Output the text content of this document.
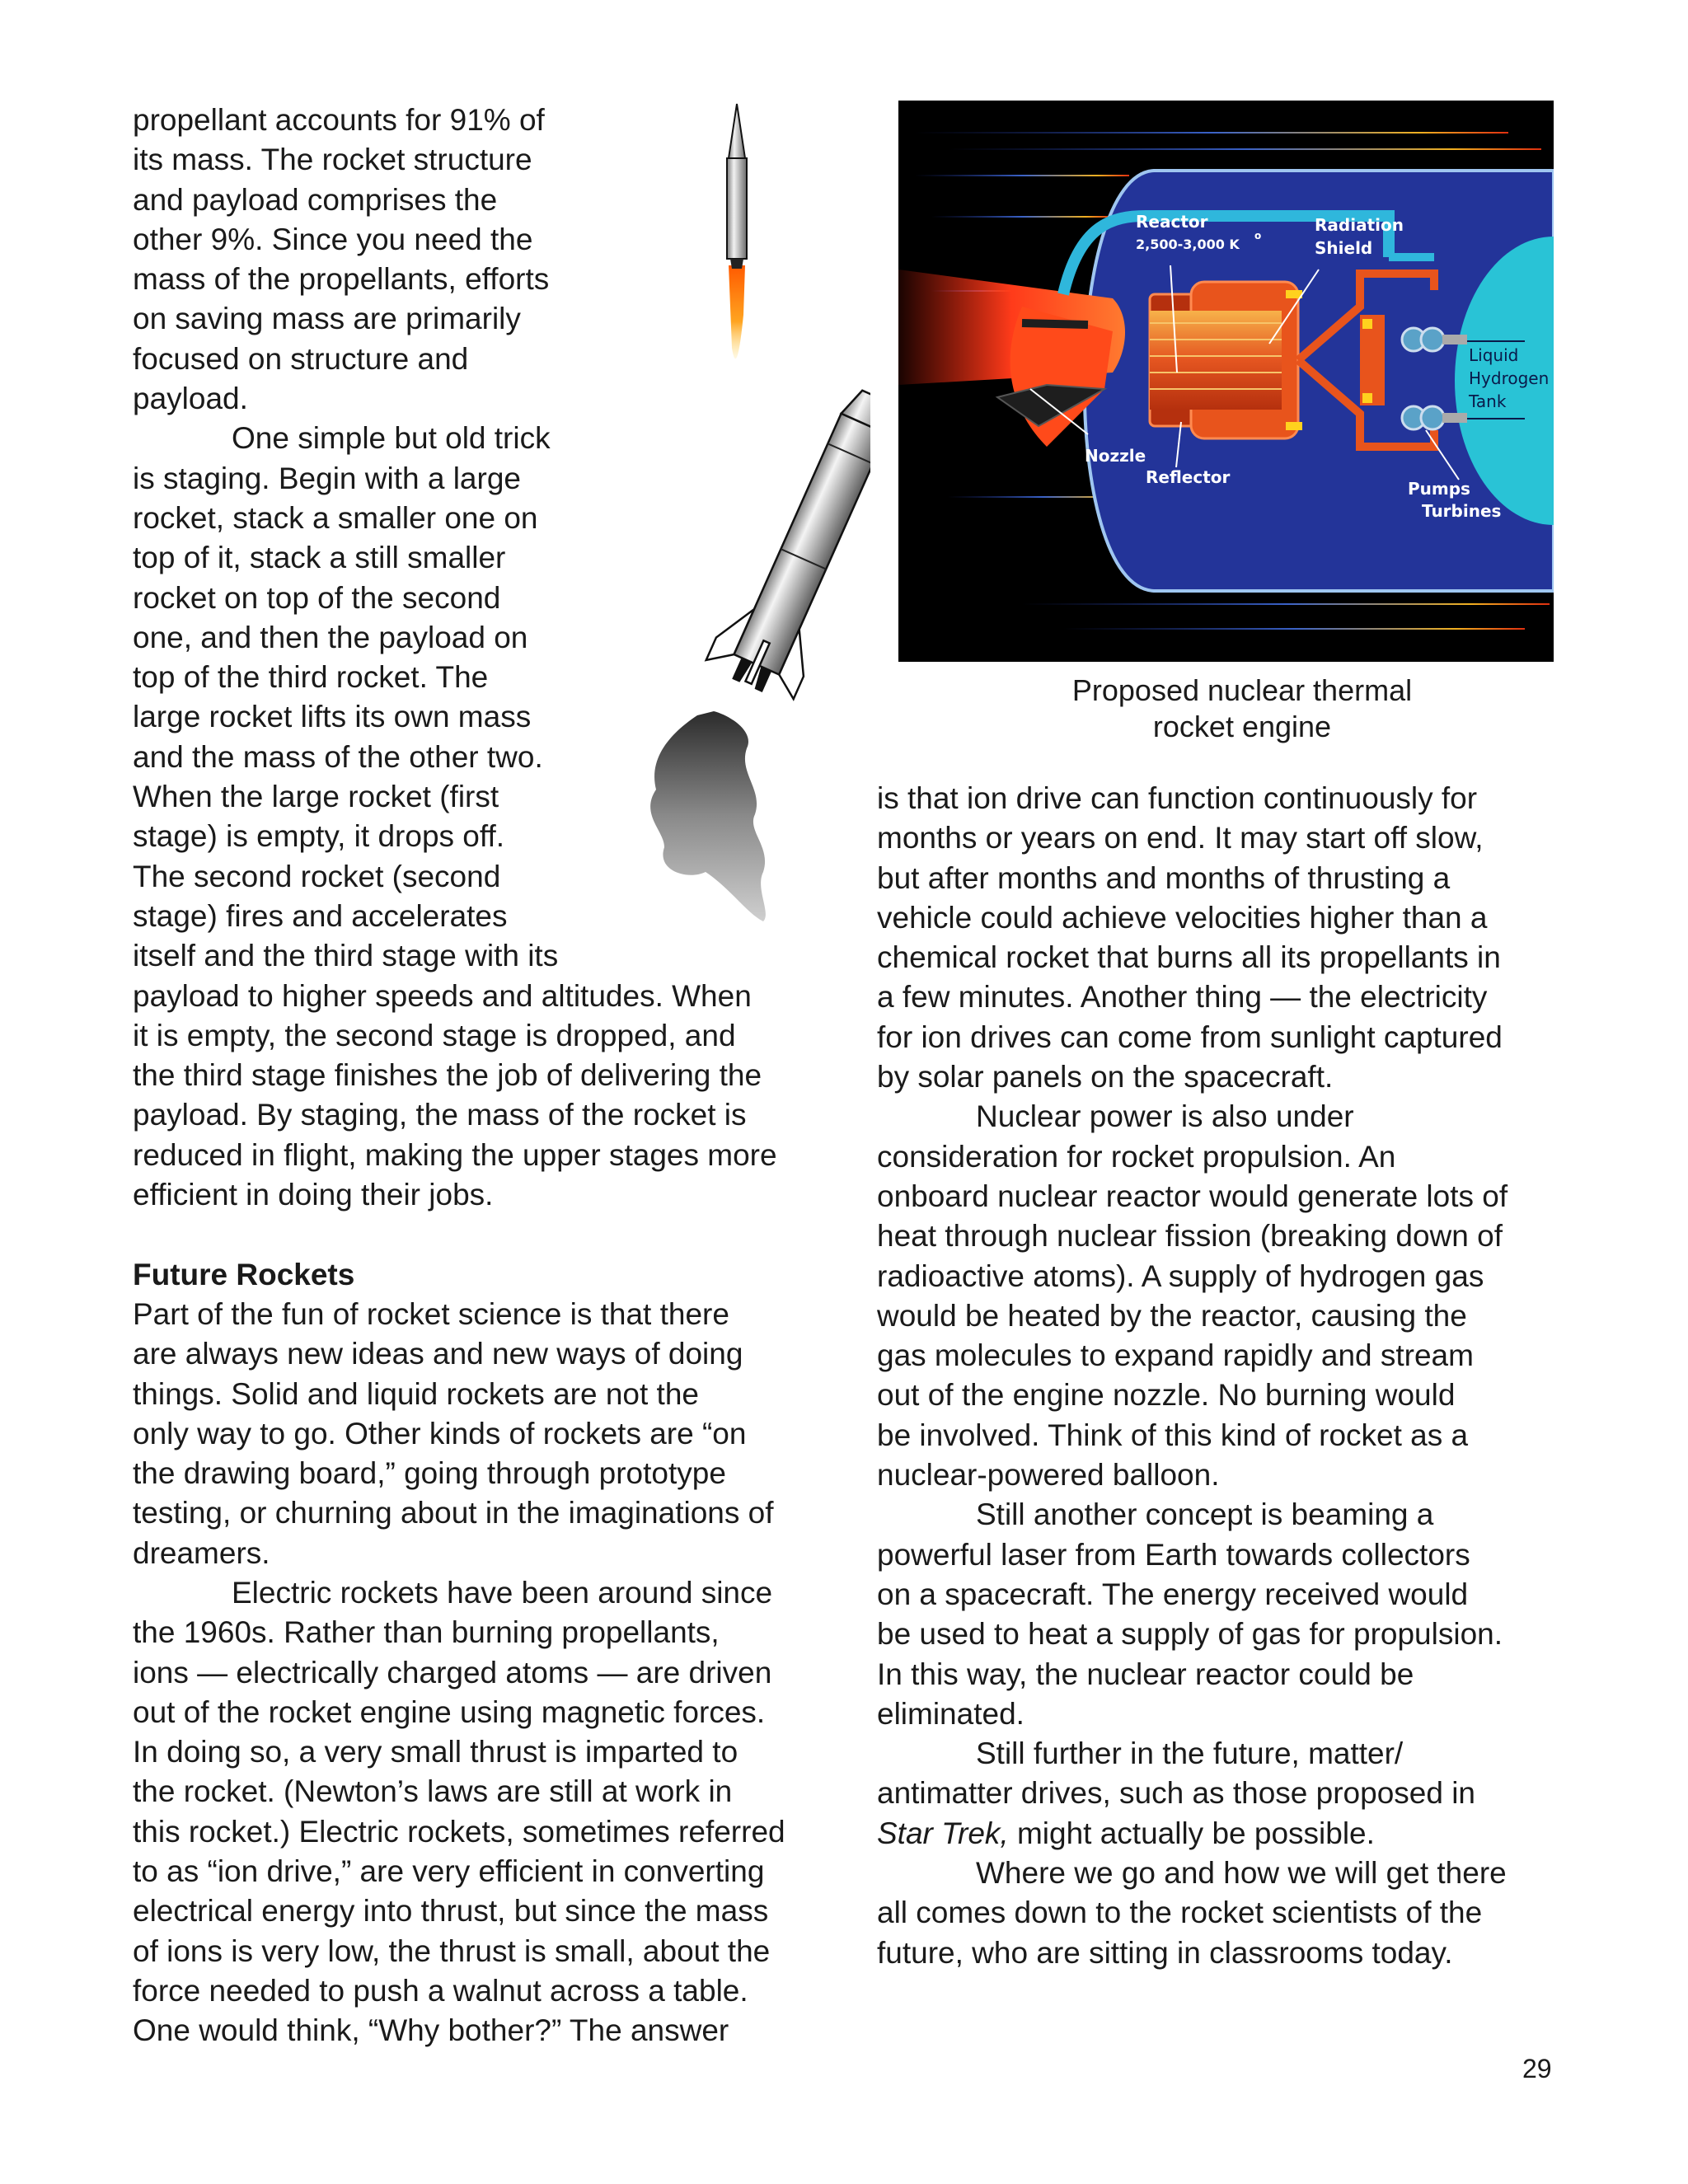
propellant accounts for 91% of
its mass. The rocket structure
and payload comprises the
other 9%. Since you need the
mass of the propellants, efforts
on saving mass are primarily
focused on structure and
payload.
One simple but old trick
is staging. Begin with a large
rocket, stack a smaller one on
top of it, stack a still smaller
rocket on top of the second
one, and then the payload on
top of the third rocket. The
large rocket lifts its own mass
and the mass of the other two.
When the large rocket (first
stage) is empty, it drops off.
The second rocket (second
stage) fires and accelerates
itself and the third stage with its
payload to higher speeds and altitudes. When
it is empty, the second stage is dropped, and
the third stage finishes the job of delivering the
payload. By staging, the mass of the rocket is
reduced in flight, making the upper stages more
efficient in doing their jobs.
Future Rockets
Part of the fun of rocket science is that there
are always new ideas and new ways of doing
things. Solid and liquid rockets are not the
only way to go. Other kinds of rockets are “on
the drawing board,” going through prototype
testing, or churning about in the imaginations of
dreamers.
Electric rockets have been around since
the 1960s. Rather than burning propellants,
ions — electrically charged atoms — are driven
out of the rocket engine using magnetic forces.
In doing so, a very small thrust is imparted to
the rocket. (Newton’s laws are still at work in
this rocket.) Electric rockets, sometimes referred
to as “ion drive,” are very efficient in converting
electrical energy into thrust, but since the mass
of ions is very low, the thrust is small, about the
force needed to push a walnut across a table.
One would think, “Why bother?” The answer
is that ion drive can function continuously for
months or years on end. It may start off slow,
but after months and months of thrusting a
vehicle could achieve velocities higher than a
chemical rocket that burns all its propellants in
a few minutes. Another thing — the electricity
for ion drives can come from sunlight captured
by solar panels on the spacecraft.
Nuclear power is also under
consideration for rocket propulsion. An
onboard nuclear reactor would generate lots of
heat through nuclear fission (breaking down of
radioactive atoms). A supply of hydrogen gas
would be heated by the reactor, causing the
gas molecules to expand rapidly and stream
out of the engine nozzle. No burning would
be involved. Think of this kind of rocket as a
nuclear-powered balloon.
Still another concept is beaming a
powerful laser from Earth towards collectors
on a spacecraft. The energy received would
be used to heat a supply of gas for propulsion.
In this way, the nuclear reactor could be
eliminated.
Still further in the future, matter/
antimatter drives, such as those proposed in
Star Trek, might actually be possible.
Where we go and how we will get there
all comes down to the rocket scientists of the
future, who are sitting in classrooms today.
Reactor
2,500-3,000 K
o
Radiation
Shield
Liquid
Hydrogen
Tank
Nozzle
Reflector
Pumps
Turbines
Proposed nuclear thermal
rocket engine
29
